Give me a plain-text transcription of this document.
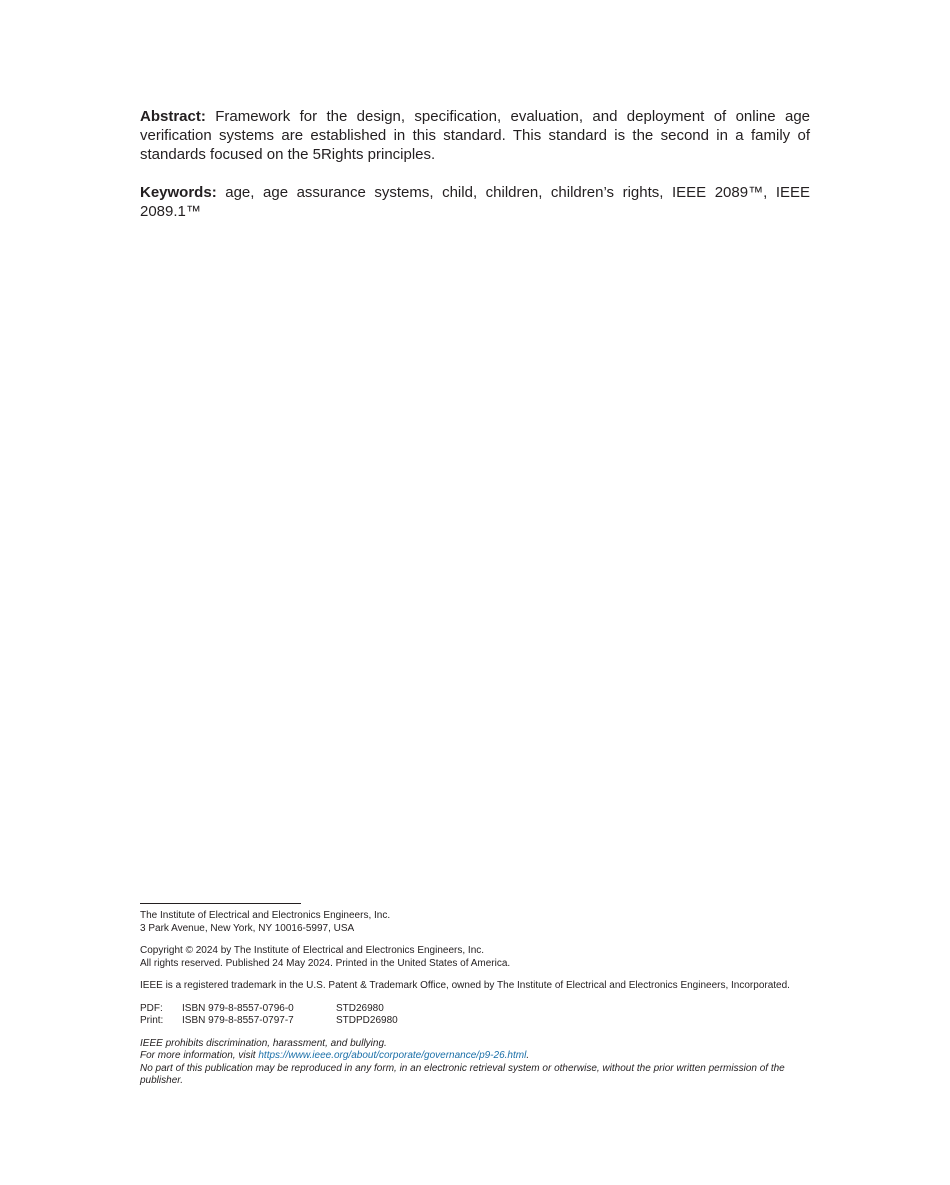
Abstract: Framework for the design, specification, evaluation, and deployment of online age verification systems are established in this standard. This standard is the second in a family of standards focused on the 5Rights principles.

Keywords: age, age assurance systems, child, children, children’s rights, IEEE 2089™, IEEE 2089.1™

The Institute of Electrical and Electronics Engineers, Inc.

3 Park Avenue, New York, NY 10016-5997, USA

Copyright © 2024 by The Institute of Electrical and Electronics Engineers, Inc.

All rights reserved. Published 24 May 2024. Printed in the United States of America.

IEEE is a registered trademark in the U.S. Patent & Trademark Office, owned by The Institute of Electrical and Electronics Engineers, Incorporated.

PDF:	ISBN 979-8-8557-0796-0	STD26980
Print:	ISBN 979-8-8557-0797-7	STDPD26980

IEEE prohibits discrimination, harassment, and bullying.

For more information, visit https://www.ieee.org/about/corporate/governance/p9-26.html.

No part of this publication may be reproduced in any form, in an electronic retrieval system or otherwise, without the prior written permission of the publisher.
